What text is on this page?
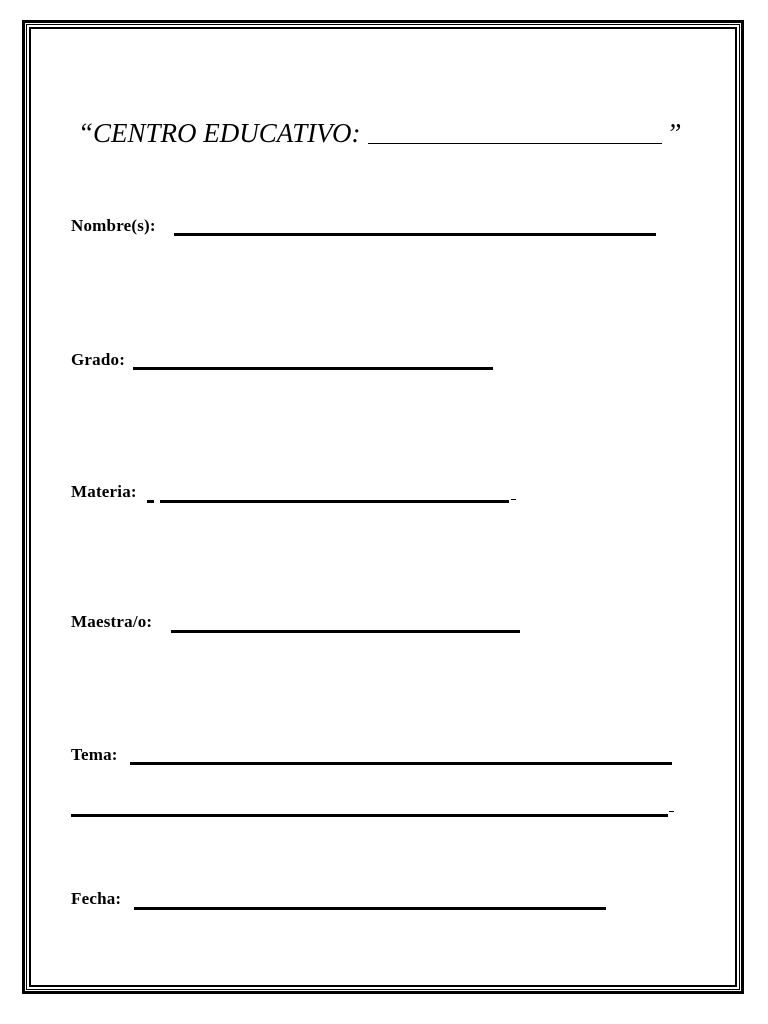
“CENTRO EDUCATIVO:	”
Nombre(s):
Grado:
Materia:
Maestra/o:
Tema:
Fecha:
